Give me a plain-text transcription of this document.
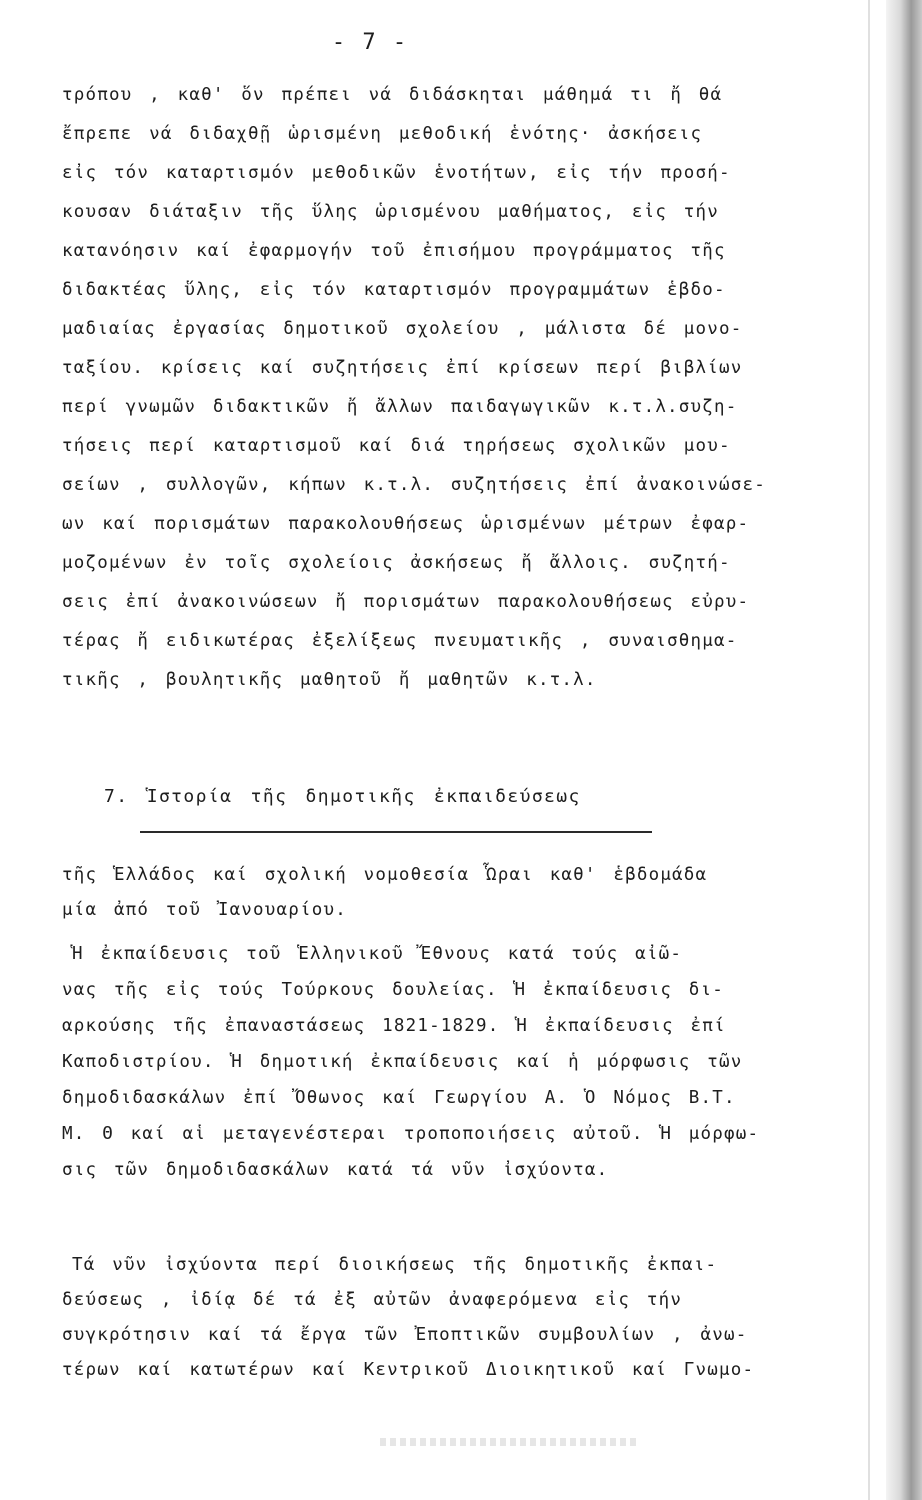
- 7 -
τρόπου , καθ' ὅν πρέπει νά διδάσκηται μάθημά τι ἤ θά
ἔπρεπε νά διδαχθῇ ὡρισμένη μεθοδική ἑνότης· ἀσκήσεις
εἰς τόν καταρτισμόν μεθοδικῶν ἑνοτήτων, εἰς τήν προσή-
κουσαν διάταξιν τῆς ὕλης ὡρισμένου μαθήματος, εἰς τήν
κατανόησιν καί ἐφαρμογήν τοῦ ἐπισήμου προγράμματος τῆς
διδακτέας ὕλης, εἰς τόν καταρτισμόν προγραμμάτων ἑβδο-
μαδιαίας ἐργασίας δημοτικοῦ σχολείου , μάλιστα δέ μονο-
ταξίου. κρίσεις καί συζητήσεις ἐπί κρίσεων περί βιβλίων
περί γνωμῶν διδακτικῶν ἤ ἄλλων παιδαγωγικῶν κ.τ.λ.συζη-
τήσεις περί καταρτισμοῦ καί διά τηρήσεως σχολικῶν μου-
σείων , συλλογῶν, κήπων κ.τ.λ. συζητήσεις ἐπί ἀνακοινώσε-
ων καί πορισμάτων παρακολουθήσεως ὡρισμένων μέτρων ἐφαρ-
μοζομένων ἐν τοῖς σχολείοις ἀσκήσεως ἤ ἄλλοις. συζητή-
σεις ἐπί ἀνακοινώσεων ἤ πορισμάτων παρακολουθήσεως εὐρυ-
τέρας ἤ ειδικωτέρας ἐξελίξεως πνευματικῆς , συναισθημα-
τικῆς , βουλητικῆς μαθητοῦ ἤ μαθητῶν κ.τ.λ.
7. Ἱστορία τῆς δημοτικῆς ἐκπαιδεύσεως
τῆς Ἑλλάδος καί σχολική νομοθεσία Ὧραι καθ' ἑβδομάδα
μία ἀπό τοῦ Ἰανουαρίου.
Ἡ ἐκπαίδευσις τοῦ Ἑλληνικοῦ Ἔθνους κατά τούς αἰῶ-
νας τῆς εἰς τούς Τούρκους δουλείας. Ἡ ἐκπαίδευσις δι-
αρκούσης τῆς ἐπαναστάσεως 1821-1829. Ἡ ἐκπαίδευσις ἐπί
Καποδιστρίου. Ἡ δημοτική ἐκπαίδευσις καί ἡ μόρφωσις τῶν
δημοδιδασκάλων ἐπί Ὄθωνος καί Γεωργίου Α. Ὁ Νόμος Β.Τ.
Μ. Θ καί αἱ μεταγενέστεραι τροποποιήσεις αὐτοῦ. Ἡ μόρφω-
σις τῶν δημοδιδασκάλων κατά τά νῦν ἰσχύοντα.
Τά νῦν ἰσχύοντα περί διοικήσεως τῆς δημοτικῆς ἐκπαι-
δεύσεως , ἰδίᾳ δέ τά ἐξ αὐτῶν ἀναφερόμενα εἰς τήν
συγκρότησιν καί τά ἔργα τῶν Ἐποπτικῶν συμβουλίων , ἀνω-
τέρων καί κατωτέρων καί Κεντρικοῦ Διοικητικοῦ καί Γνωμο-
